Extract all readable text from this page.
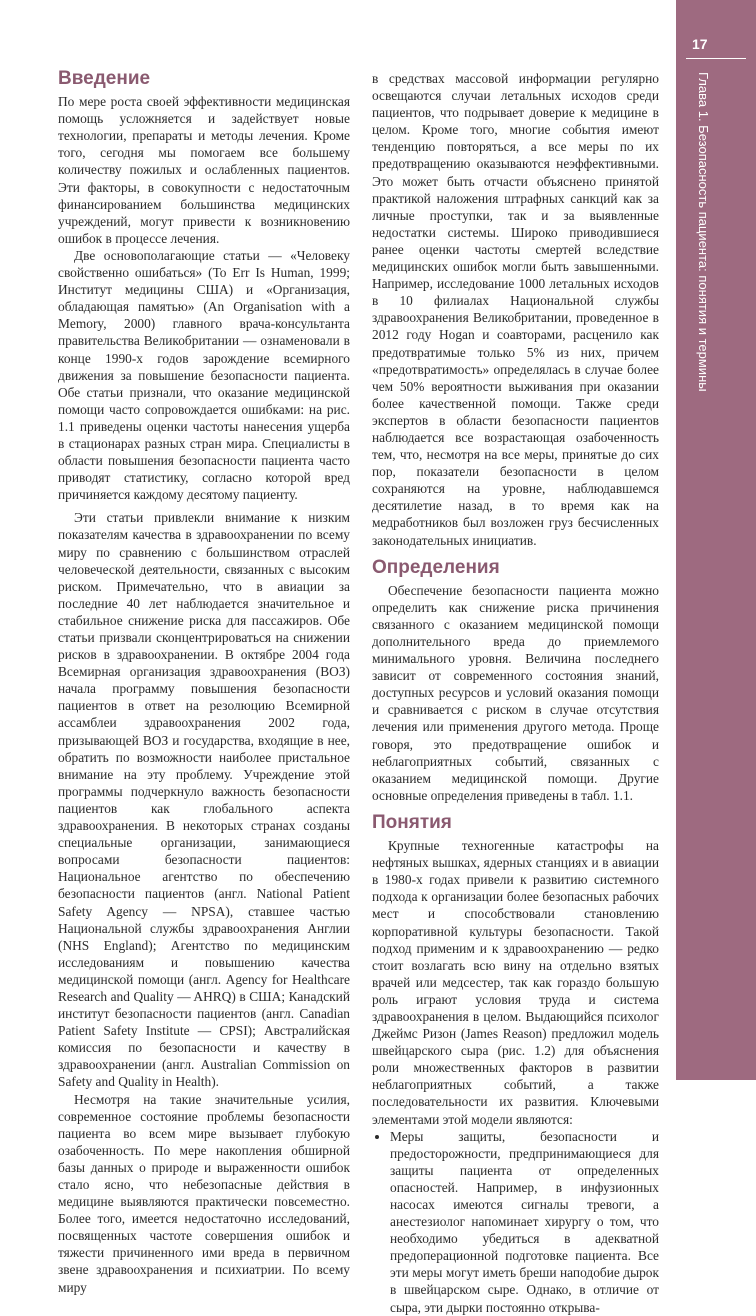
17
Глава 1. Безопасность пациента: понятия и термины
Введение

По мере роста своей эффективности медицинская помощь усложняется и задействует новые технологии, препараты и методы лечения. Кроме того, сегодня мы помогаем все большему количеству пожилых и ослабленных пациентов. Эти факторы, в совокупности с недостаточным финансированием большинства медицинских учреждений, могут привести к возникновению ошибок в процессе лечения.

Две основополагающие статьи — «Человеку свойственно ошибаться» (To Err Is Human, 1999; Институт медицины США) и «Организация, обладающая памятью» (An Organisation with a Memory, 2000) главного врача-консультанта правительства Великобритании — ознаменовали в конце 1990-х годов зарождение всемирного движения за повышение безопасности пациента. Обе статьи признали, что оказание медицинской помощи часто сопровождается ошибками: на рис. 1.1 приведены оценки частоты нанесения ущерба в стационарах разных стран мира. Специалисты в области повышения безопасности пациента часто приводят статистику, согласно которой вред причиняется каждому десятому пациенту.

Эти статьи привлекли внимание к низким показателям качества в здравоохранении по всему миру по сравнению с большинством отраслей человеческой деятельности, связанных с высоким риском. Примечательно, что в авиации за последние 40 лет наблюдается значительное и стабильное снижение риска для пассажиров. Обе статьи призвали сконцентрироваться на снижении рисков в здравоохранении. В октябре 2004 года Всемирная организация здравоохранения (ВОЗ) начала программу повышения безопасности пациентов в ответ на резолюцию Всемирной ассамблеи здравоохранения 2002 года, призывающей ВОЗ и государства, входящие в нее, обратить по возможности наиболее пристальное внимание на эту проблему. Учреждение этой программы подчеркнуло важность безопасности пациентов как глобального аспекта здравоохранения. В некоторых странах созданы специальные организации, занимающиеся вопросами безопасности пациентов: Национальное агентство по обеспечению безопасности пациентов (англ. National Patient Safety Agency — NPSA), ставшее частью Национальной службы здравоохранения Англии (NHS England); Агентство по медицинским исследованиям и повышению качества медицинской помощи (англ. Agency for Healthcare Research and Quality — AHRQ) в США; Канадский институт безопасности пациентов (англ. Canadian Patient Safety Institute — CPSI); Австралийская комиссия по безопасности и качеству в здравоохранении (англ. Australian Commission on Safety and Quality in Health).

Несмотря на такие значительные усилия, современное состояние проблемы безопасности пациента во всем мире вызывает глубокую озабоченность. По мере накопления обширной базы данных о природе и выраженности ошибок стало ясно, что небезопасные действия в медицине выявляются практически повсеместно. Более того, имеется недостаточно исследований, посвященных частоте совершения ошибок и тяжести причиненного ими вреда в первичном звене здравоохранения и психиатрии. По всему миру

в средствах массовой информации регулярно освещаются случаи летальных исходов среди пациентов, что подрывает доверие к медицине в целом. Кроме того, многие события имеют тенденцию повторяться, а все меры по их предотвращению оказываются неэффективными. Это может быть отчасти объяснено принятой практикой наложения штрафных санкций как за личные проступки, так и за выявленные недостатки системы. Широко приводившиеся ранее оценки частоты смертей вследствие медицинских ошибок могли быть завышенными. Например, исследование 1000 летальных исходов в 10 филиалах Национальной службы здравоохранения Великобритании, проведенное в 2012 году Hogan и соавторами, расценило как предотвратимые только 5% из них, причем «предотвратимость» определялась в случае более чем 50% вероятности выживания при оказании более качественной помощи. Также среди экспертов в области безопасности пациентов наблюдается все возрастающая озабоченность тем, что, несмотря на все меры, принятые до сих пор, показатели безопасности в целом сохраняются на уровне, наблюдавшемся десятилетие назад, в то время как на медработников был возложен груз бесчисленных законодательных инициатив.

Определения

Обеспечение безопасности пациента можно определить как снижение риска причинения связанного с оказанием медицинской помощи дополнительного вреда до приемлемого минимального уровня. Величина последнего зависит от современного состояния знаний, доступных ресурсов и условий оказания помощи и сравнивается с риском в случае отсутствия лечения или применения другого метода. Проще говоря, это предотвращение ошибок и неблагоприятных событий, связанных с оказанием медицинской помощи. Другие основные определения приведены в табл. 1.1.

Понятия

Крупные техногенные катастрофы на нефтяных вышках, ядерных станциях и в авиации в 1980-х годах привели к развитию системного подхода к организации более безопасных рабочих мест и способствовали становлению корпоративной культуры безопасности. Такой подход применим и к здравоохранению — редко стоит возлагать всю вину на отдельно взятых врачей или медсестер, так как гораздо большую роль играют условия труда и система здравоохранения в целом. Выдающийся психолог Джеймс Ризон (James Reason) предложил модель швейцарского сыра (рис. 1.2) для объяснения роли множественных факторов в развитии неблагоприятных событий, а также последовательности их развития. Ключевыми элементами этой модели являются:

• Меры защиты, безопасности и предосторожности, предпринимающиеся для защиты пациента от определенных опасностей. Например, в инфузионных насосах имеются сигналы тревоги, а анестезиолог напоминает хирургу о том, что необходимо убедиться в адекватной предоперационной подготовке пациента. Все эти меры могут иметь бреши наподобие дырок в швейцарском сыре. Однако, в отличие от сыра, эти дырки постоянно открыва-
